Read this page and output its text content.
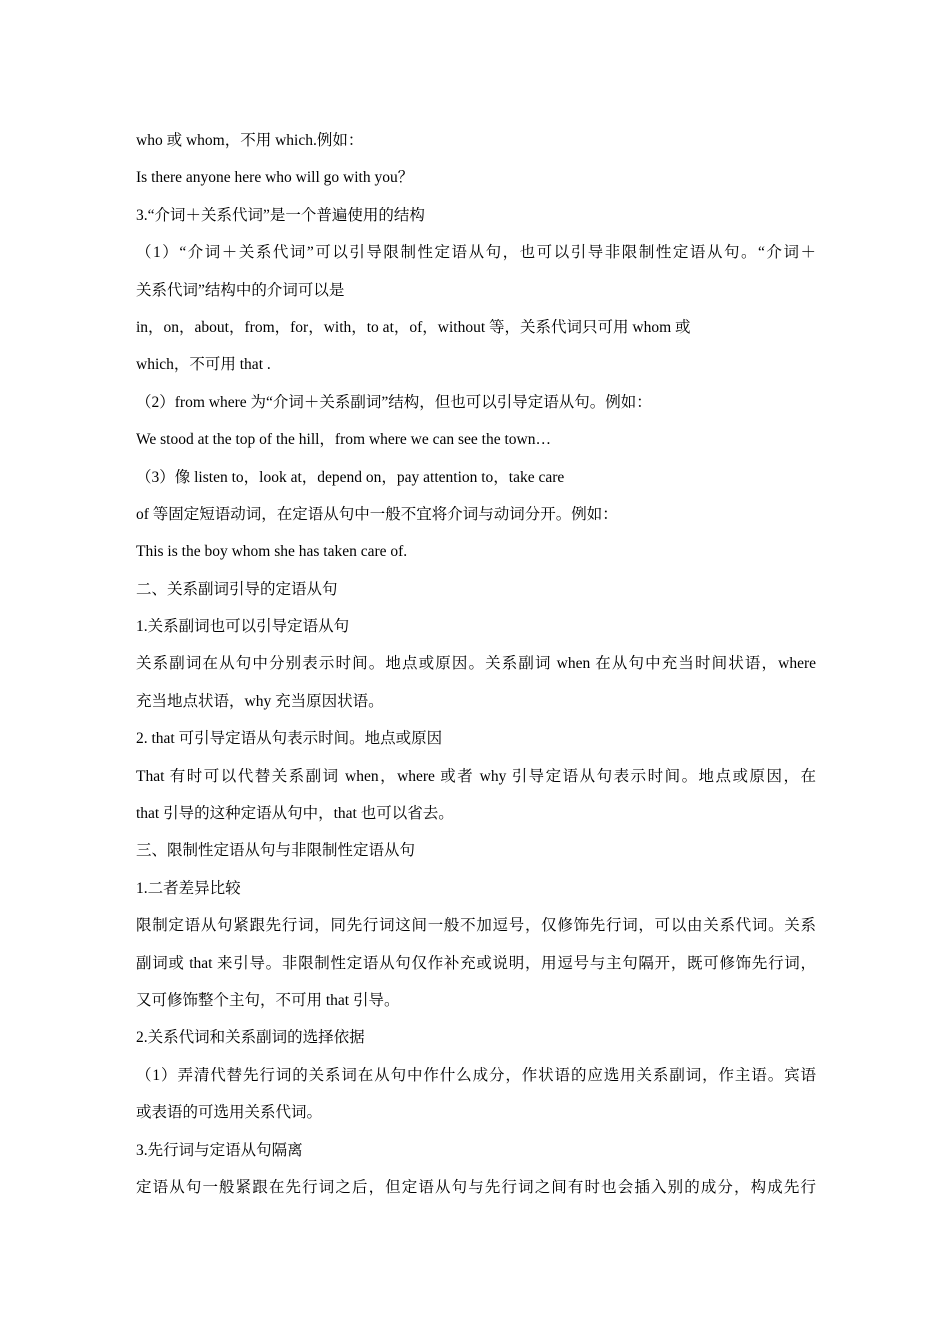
who 或 whom，不用 which.例如：
Is there anyone here who will go with you？
3.“介词＋关系代词”是一个普遍使用的结构
（1）“介词＋关系代词”可以引导限制性定语从句，也可以引导非限制性定语从句。“介词＋
关系代词”结构中的介词可以是
in，on，about，from，for，with，to at，of，without 等，关系代词只可用 whom 或
which，不可用 that .
（2）from where 为“介词＋关系副词”结构，但也可以引导定语从句。例如：
We stood at the top of the hill，from where we can see the town…
（3）像 listen to，look at，depend on，pay attention to，take care
of 等固定短语动词，在定语从句中一般不宜将介词与动词分开。例如：
This is the boy whom she has taken care of.
二、关系副词引导的定语从句
1.关系副词也可以引导定语从句
关系副词在从句中分别表示时间。地点或原因。关系副词 when 在从句中充当时间状语，where
充当地点状语，why 充当原因状语。
2. that 可引导定语从句表示时间。地点或原因
That 有时可以代替关系副词 when，where 或者 why 引导定语从句表示时间。地点或原因，在
that 引导的这种定语从句中，that 也可以省去。
三、限制性定语从句与非限制性定语从句
1.二者差异比较
限制定语从句紧跟先行词，同先行词这间一般不加逗号，仅修饰先行词，可以由关系代词。关系
副词或 that 来引导。非限制性定语从句仅作补充或说明，用逗号与主句隔开，既可修饰先行词，
又可修饰整个主句，不可用 that 引导。
2.关系代词和关系副词的选择依据
（1）弄清代替先行词的关系词在从句中作什么成分，作状语的应选用关系副词，作主语。宾语
或表语的可选用关系代词。
3.先行词与定语从句隔离
定语从句一般紧跟在先行词之后，但定语从句与先行词之间有时也会插入别的成分，构成先行
